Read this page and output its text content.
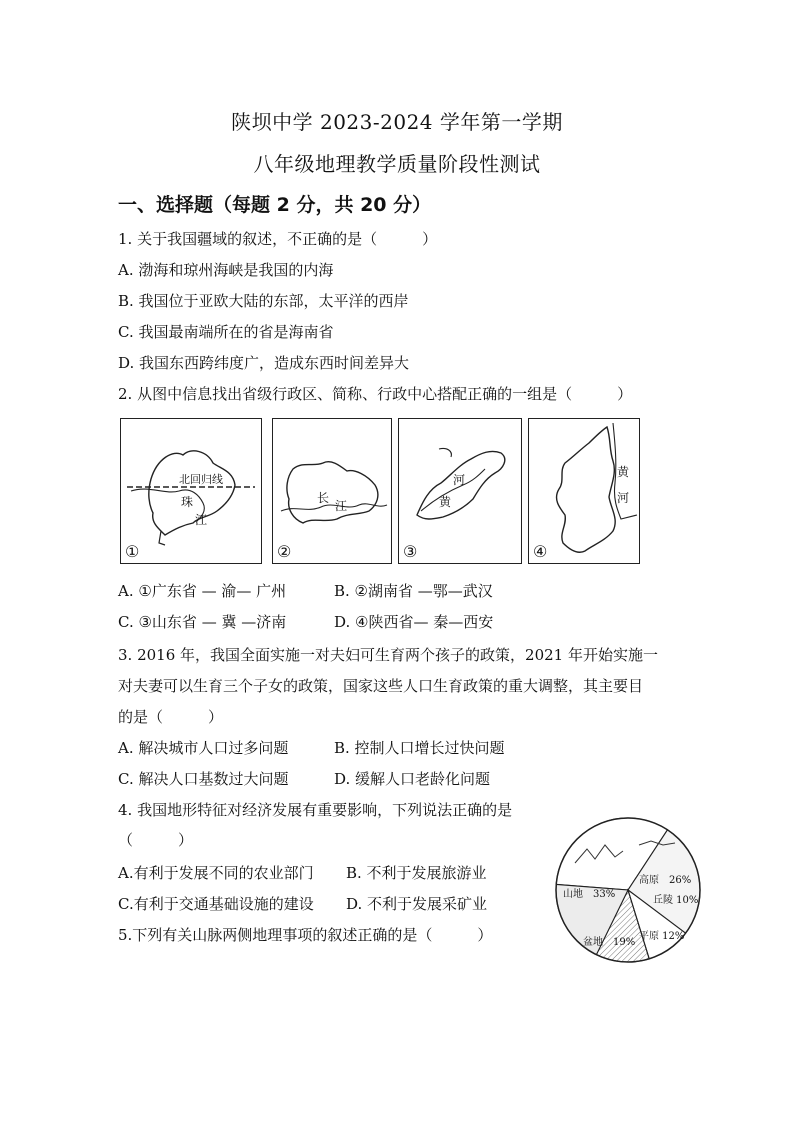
陕坝中学 2023-2024 学年第一学期
八年级地理教学质量阶段性测试
一、选择题（每题 2 分，共 20 分）
1. 关于我国疆域的叙述，不正确的是（　　　）
A. 渤海和琼州海峡是我国的内海
B. 我国位于亚欧大陆的东部，太平洋的西岸
C. 我国最南端所在的省是海南省
D. 我国东西跨纬度广，造成东西时间差异大
2. 从图中信息找出省级行政区、简称、行政中心搭配正确的一组是（　　　）
北回归线
珠
江
①
长
江
②
河
黄
③
黄
河
④
A. ①广东省 — 渝— 广州	B. ②湖南省 —鄂—武汉
C. ③山东省 — 冀 —济南	D. ④陕西省— 秦—西安
3. 2016 年，我国全面实施一对夫妇可生育两个孩子的政策，2021 年开始实施一
对夫妻可以生育三个子女的政策，国家这些人口生育政策的重大调整，其主要目
的是（　　　）
A. 解决城市人口过多问题	B. 控制人口增长过快问题
C. 解决人口基数过大问题	D. 缓解人口老龄化问题
4. 我国地形特征对经济发展有重要影响，下列说法正确的是
（　　　）
A.有利于发展不同的农业部门 B. 不利于发展旅游业
C.有利于交通基础设施的建设 D. 不利于发展采矿业
高原　26%
山地　33%
丘陵 10%
盆地　19%
平原 12%
5.下列有关山脉两侧地理事项的叙述正确的是（　　　）
